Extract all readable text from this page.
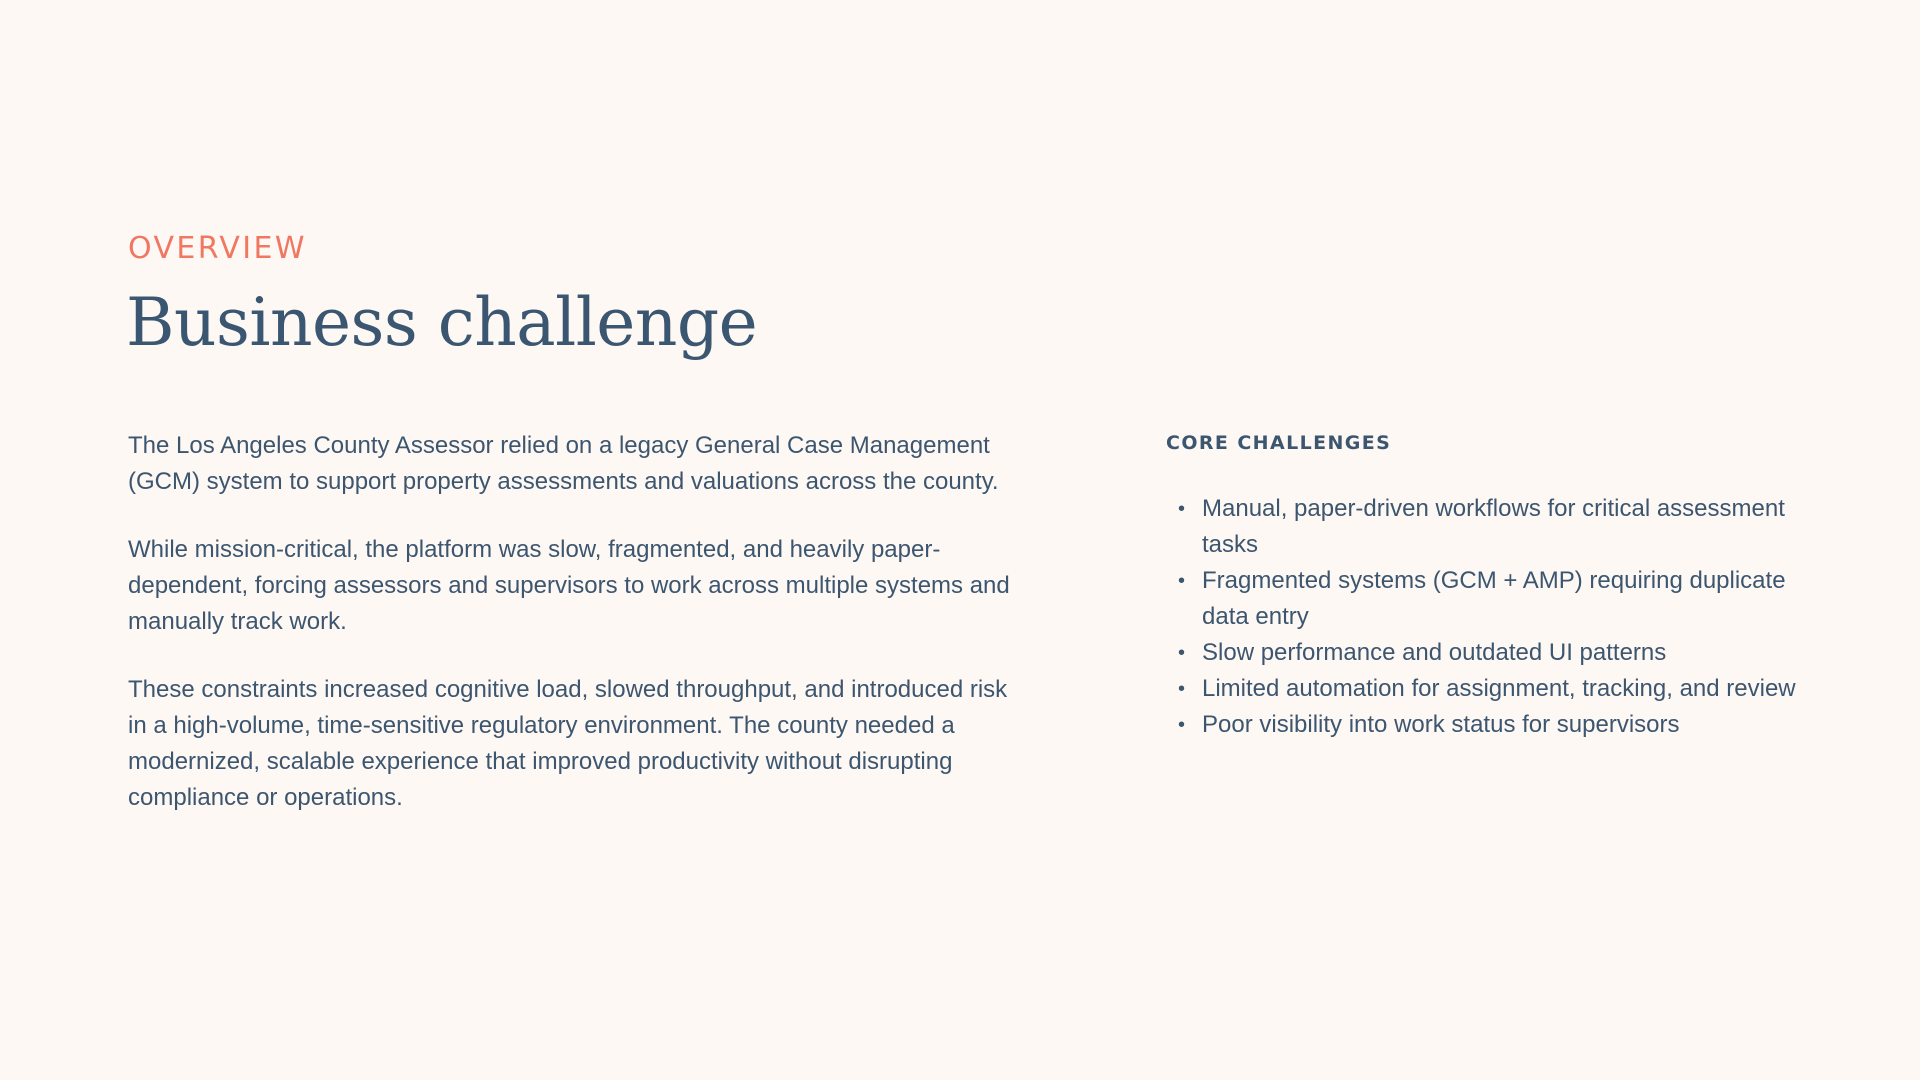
OVERVIEW
Business challenge

The Los Angeles County Assessor relied on a legacy General Case Management (GCM) system to support property assessments and valuations across the county.

While mission-critical, the platform was slow, fragmented, and heavily paper-dependent, forcing assessors and supervisors to work across multiple systems and manually track work.

These constraints increased cognitive load, slowed throughput, and introduced risk in a high-volume, time-sensitive regulatory environment. The county needed a modernized, scalable experience that improved productivity without disrupting compliance or operations.

CORE CHALLENGES
• Manual, paper-driven workflows for critical assessment tasks
• Fragmented systems (GCM + AMP) requiring duplicate data entry
• Slow performance and outdated UI patterns
• Limited automation for assignment, tracking, and review
• Poor visibility into work status for supervisors
